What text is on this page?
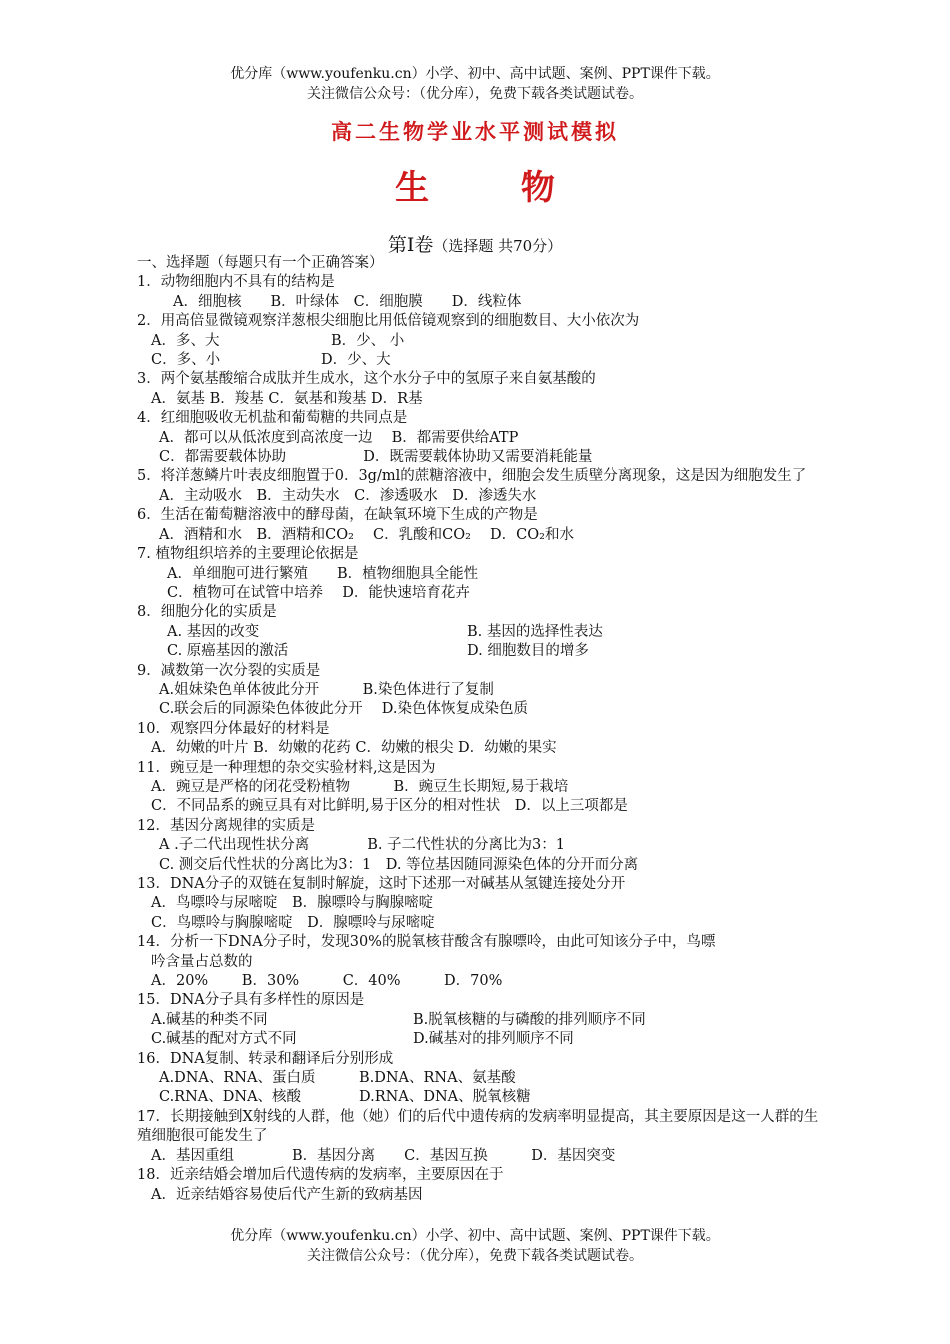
优分库（www.youfenku.cn）小学、初中、高中试题、案例、PPT课件下载。
关注微信公众号：（优分库），免费下载各类试题试卷。
高二生物学业水平测试模拟
生 物
第Ⅰ卷（选择题 共70分）
一、选择题（每题只有一个正确答案）
1．动物细胞内不具有的结构是
A．细胞核　　B．叶绿体　C．细胞膜　　D．线粒体
2．用高倍显微镜观察洋葱根尖细胞比用低倍镜观察到的细胞数目、大小依次为
A．多、大	B．少、 小
C．多、小	D．少、大
3．两个氨基酸缩合成肽并生成水，这个水分子中的氢原子来自氨基酸的
A．氨基 B．羧基 C．氨基和羧基 D．R基
4．红细胞吸收无机盐和葡萄糖的共同点是
A．都可以从低浓度到高浓度一边　 B．都需要供给ATP
C．都需要载体协助　　　　　 D．既需要载体协助又需要消耗能量
5．将洋葱鳞片叶表皮细胞置于0．3g/ml的蔗糖溶液中，细胞会发生质壁分离现象，这是因为细胞发生了
A．主动吸水　B．主动失水　C．渗透吸水　D．渗透失水
6．生活在葡萄糖溶液中的酵母菌，在缺氧环境下生成的产物是
A．酒精和水　B．酒精和CO₂　 C．乳酸和CO₂　 D．CO₂和水
7. 植物组织培养的主要理论依据是
A．单细胞可进行繁殖　　B．植物细胞具全能性
C．植物可在试管中培养　 D．能快速培育花卉
8．细胞分化的实质是
A. 基因的改变	B. 基因的选择性表达
C. 原癌基因的激活	D. 细胞数目的增多
9．减数第一次分裂的实质是
A.姐妹染色单体彼此分开　　　B.染色体进行了复制
C.联会后的同源染色体彼此分开　 D.染色体恢复成染色质
10．观察四分体最好的材料是
A．幼嫩的叶片 B．幼嫩的花药 C．幼嫩的根尖 D．幼嫩的果实
11．豌豆是一种理想的杂交实验材料,这是因为
A．豌豆是严格的闭花受粉植物　　　B．豌豆生长期短,易于栽培
C．不同品系的豌豆具有对比鲜明,易于区分的相对性状　D．以上三项都是
12．基因分离规律的实质是
A .子二代出现性状分离　　　　B. 子二代性状的分离比为3：1
C. 测交后代性状的分离比为3：1　D. 等位基因随同源染色体的分开而分离
13．DNA分子的双链在复制时解旋，这时下述那一对碱基从氢键连接处分开
A．鸟嘌呤与尿嘧啶　B．腺嘌呤与胸腺嘧啶
C．鸟嘌呤与胸腺嘧啶　D．腺嘌呤与尿嘧啶
14．分析一下DNA分子时，发现30%的脱氧核苷酸含有腺嘌呤，由此可知该分子中，鸟嘌
吟含量占总数的
A．20%　　 B．30%　　　C．40%　　　D．70%
15．DNA分子具有多样性的原因是
A.碱基的种类不同	B.脱氧核糖的与磷酸的排列顺序不同
C.碱基的配对方式不同	D.碱基对的排列顺序不同
16．DNA复制、转录和翻译后分别形成
A.DNA、RNA、蛋白质　　　B.DNA、RNA、氨基酸
C.RNA、DNA、核酸　　　　D.RNA、DNA、脱氧核糖
17．长期接触到Ⅹ射线的人群，他（她）们的后代中遗传病的发病率明显提高，其主要原因是这一人群的生殖细胞很可能发生了
A．基因重组　　　　B．基因分离　　C．基因互换　　　D．基因突变
18．近亲结婚会增加后代遗传病的发病率，主要原因在于
A．近亲结婚容易使后代产生新的致病基因
优分库（www.youfenku.cn）小学、初中、高中试题、案例、PPT课件下载。
关注微信公众号：（优分库），免费下载各类试题试卷。
